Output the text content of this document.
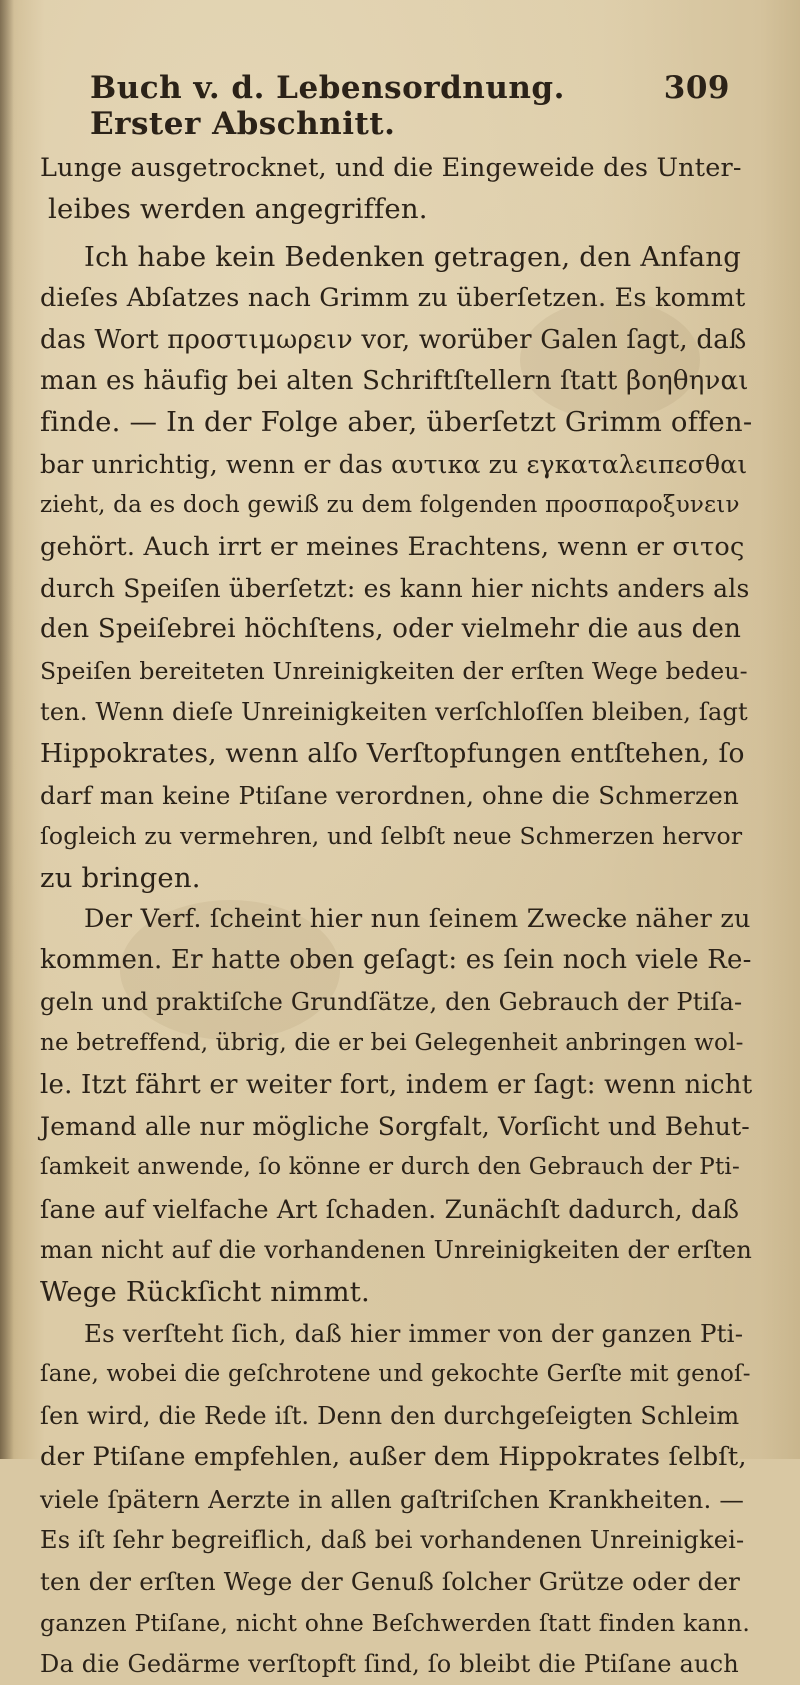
Buch v. d. Lebensordnung. Erster Abschnitt.
309
Lunge ausgetrocknet, und die Eingeweide des Unter-
leibes werden angegriffen.
Ich habe kein Bedenken getragen, den Anfang
dieſes Abſatzes nach Grimm zu überſetzen. Es kommt
das Wort προστιμωρειν vor, worüber Galen ſagt, daß
man es häufig bei alten Schriftſtellern ſtatt βοηθηναι
finde. — In der Folge aber, überſetzt Grimm offen-
bar unrichtig, wenn er das αυτικα zu εγκαταλειπεσθαι
zieht, da es doch gewiß zu dem folgenden προσπαροξυνειν
gehört. Auch irrt er meines Erachtens, wenn er σιτος
durch Speiſen überſetzt: es kann hier nichts anders als
den Speiſebrei höchſtens, oder vielmehr die aus den
Speiſen bereiteten Unreinigkeiten der erſten Wege bedeu-
ten. Wenn dieſe Unreinigkeiten verſchloſſen bleiben, ſagt
Hippokrates, wenn alſo Verſtopfungen entſtehen, ſo
darf man keine Ptiſane verordnen, ohne die Schmerzen
ſogleich zu vermehren, und ſelbſt neue Schmerzen hervor
zu bringen.
Der Verf. ſcheint hier nun ſeinem Zwecke näher zu
kommen. Er hatte oben geſagt: es ſein noch viele Re-
geln und praktiſche Grundſätze, den Gebrauch der Ptiſa-
ne betreffend, übrig, die er bei Gelegenheit anbringen wol-
le. Itzt fährt er weiter fort, indem er ſagt: wenn nicht
Jemand alle nur mögliche Sorgfalt, Vorſicht und Behut-
ſamkeit anwende, ſo könne er durch den Gebrauch der Pti-
ſane auf vielfache Art ſchaden. Zunächſt dadurch, daß
man nicht auf die vorhandenen Unreinigkeiten der erſten
Wege Rückſicht nimmt.
Es verſteht ſich, daß hier immer von der ganzen Pti-
ſane, wobei die geſchrotene und gekochte Gerſte mit genoſ-
ſen wird, die Rede iſt. Denn den durchgeſeigten Schleim
der Ptiſane empfehlen, außer dem Hippokrates ſelbſt,
viele ſpätern Aerzte in allen gaſtriſchen Krankheiten. —
Es iſt ſehr begreiflich, daß bei vorhandenen Unreinigkei-
ten der erſten Wege der Genuß ſolcher Grütze oder der
ganzen Ptiſane, nicht ohne Beſchwerden ſtatt finden kann.
Da die Gedärme verſtopft ſind, ſo bleibt die Ptiſane auch
